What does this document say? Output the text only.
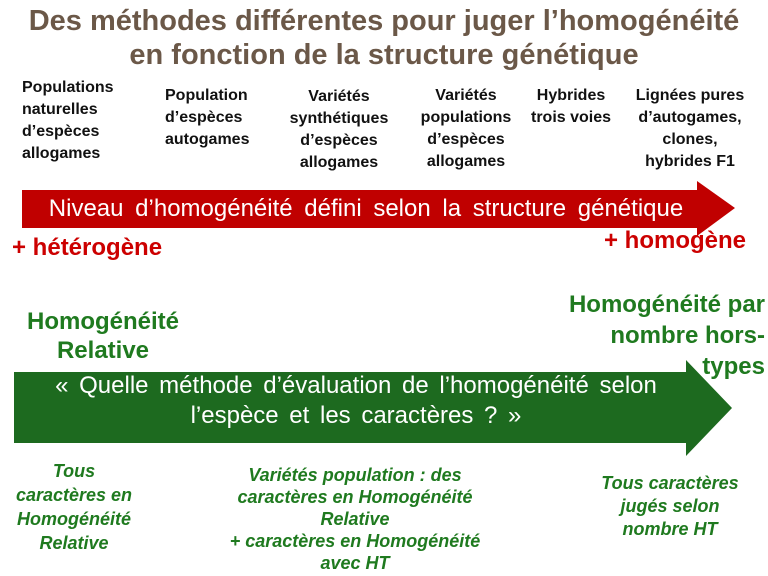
Des méthodes différentes pour juger l’homogénéité
en fonction de la structure génétique
Populations
naturelles
d’espèces
allogames
Population
d’espèces
autogames
Variétés
synthétiques
d’espèces
allogames
Variétés
populations
d’espèces
allogames
Hybrides
trois voies
Lignées pures
d’autogames,
clones,
hybrides F1
Niveau d’homogénéité défini selon la structure génétique
+ hétérogène	+ homogène
Homogénéité
Relative
« Quelle méthode d’évaluation de l’homogénéité selon
l’espèce et les caractères ? »
Homogénéité par
nombre hors-
types
Tous
caractères en
Homogénéité
Relative
Variétés population : des
caractères en Homogénéité
Relative
+ caractères en Homogénéité
avec HT
Tous caractères
jugés selon
nombre HT
